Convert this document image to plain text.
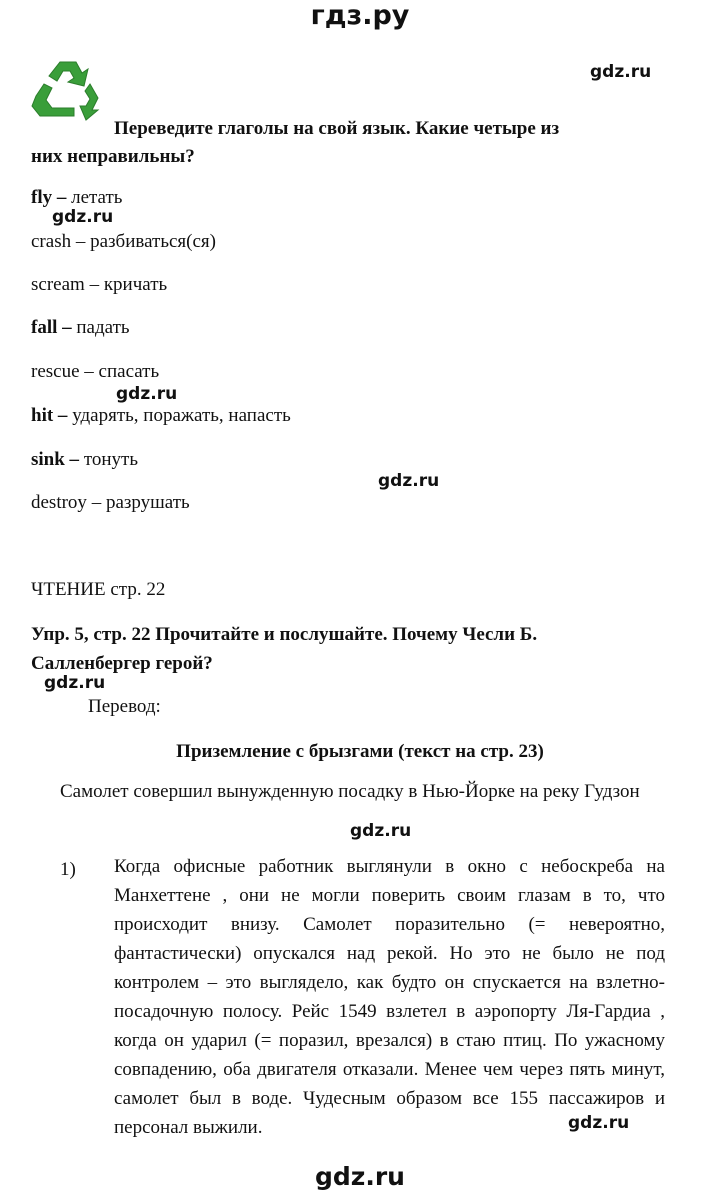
гдз.ру
gdz.ru
Переведите глаголы на свой язык. Какие четыре из
них неправильны?
fly – летать
gdz.ru
crash – разбиваться(ся)
scream – кричать
fall – падать
rescue – спасать
gdz.ru
hit – ударять, поражать, напасть
sink – тонуть
gdz.ru
destroy – разрушать
ЧТЕНИЕ стр. 22
Упр. 5, стр. 22 Прочитайте и послушайте. Почему Чесли Б.
Салленбергер герой?
gdz.ru
Перевод:
Приземление с брызгами (текст на стр. 23)
Самолет совершил вынужденную посадку в Нью-Йорке на реку Гудзон
gdz.ru
1) Когда офисные работник выглянули в окно с небоскреба на Манхеттене , они не могли поверить своим глазам в то, что происходит внизу. Самолет поразительно (= невероятно, фантастически) опускался над рекой. Но это не было не под контролем – это выглядело, как будто он спускается на взлетно-посадочную полосу. Рейс 1549 взлетел в аэропорту Ля-Гардиа , когда он ударил (= поразил, врезался) в стаю птиц. По ужасному совпадению, оба двигателя отказали. Менее чем через пять минут, самолет был в воде. Чудесным образом все 155 пассажиров и персонал выжили.	gdz.ru
gdz.ru
